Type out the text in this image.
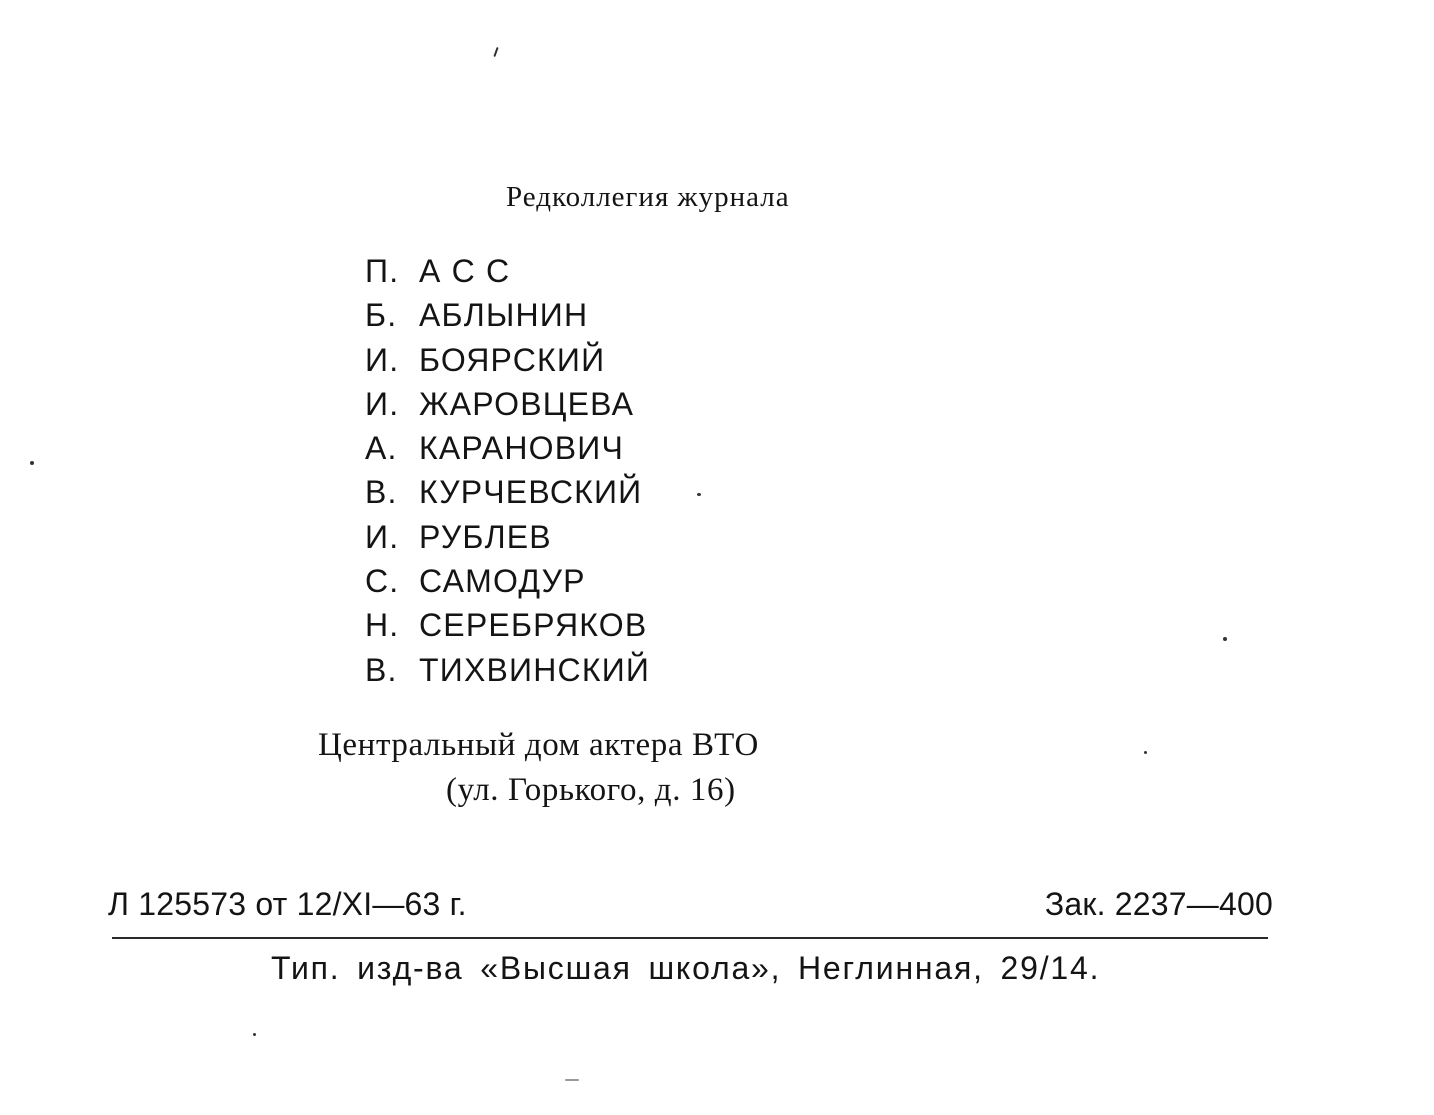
Редколлегия журнала
П. А С С
Б. АБЛЫНИН
И. БОЯРСКИЙ
И. ЖАРОВЦЕВА
А. КАРАНОВИЧ
В. КУРЧЕВСКИЙ
И. РУБЛЕВ
С. САМОДУР
Н. СЕРЕБРЯКОВ
В. ТИХВИНСКИЙ
Центральный дом актера ВТО
(ул. Горького, д. 16)
Л 125573 от 12/XI—63 г.	Зак. 2237—400
Тип. изд-ва «Высшая школа», Неглинная, 29/14.
